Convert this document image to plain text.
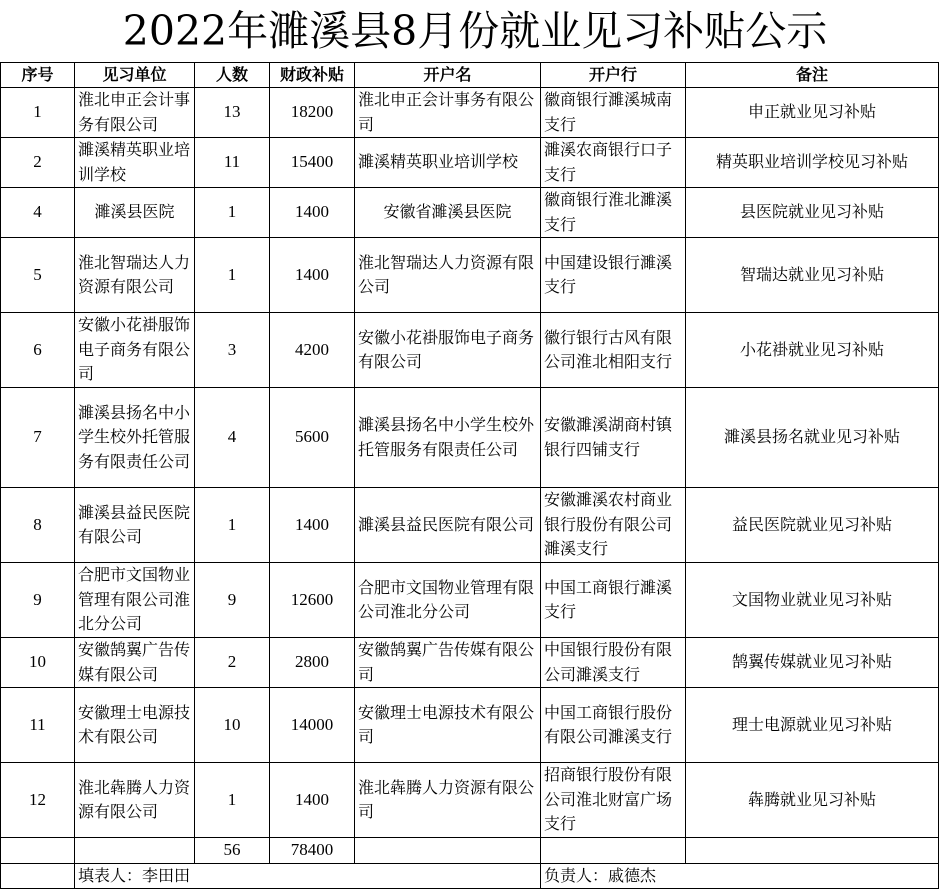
2022年濉溪县8月份就业见习补贴公示
序号	见习单位	人数	财政补贴	开户名	开户行	备注
1	淮北申正会计事务有限公司	13	18200	淮北申正会计事务有限公司	徽商银行濉溪城南支行	申正就业见习补贴
2	濉溪精英职业培训学校	11	15400	濉溪精英职业培训学校	濉溪农商银行口子支行	精英职业培训学校见习补贴
4	濉溪县医院	1	1400	安徽省濉溪县医院	徽商银行淮北濉溪支行	县医院就业见习补贴
5	淮北智瑞达人力资源有限公司	1	1400	淮北智瑞达人力资源有限公司	中国建设银行濉溪支行	智瑞达就业见习补贴
6	安徽小花褂服饰电子商务有限公司	3	4200	安徽小花褂服饰电子商务有限公司	徽行银行古风有限公司淮北相阳支行	小花褂就业见习补贴
7	濉溪县扬名中小学生校外托管服务有限责任公司	4	5600	濉溪县扬名中小学生校外托管服务有限责任公司	安徽濉溪湖商村镇银行四铺支行	濉溪县扬名就业见习补贴
8	濉溪县益民医院有限公司	1	1400	濉溪县益民医院有限公司	安徽濉溪农村商业银行股份有限公司濉溪支行	益民医院就业见习补贴
9	合肥市文国物业管理有限公司淮北分公司	9	12600	合肥市文国物业管理有限公司淮北分公司	中国工商银行濉溪支行	文国物业就业见习补贴
10	安徽鹄翼广告传媒有限公司	2	2800	安徽鹄翼广告传媒有限公司	中国银行股份有限公司濉溪支行	鹄翼传媒就业见习补贴
11	安徽理士电源技术有限公司	10	14000	安徽理士电源技术有限公司	中国工商银行股份有限公司濉溪支行	理士电源就业见习补贴
12	淮北犇腾人力资源有限公司	1	1400	淮北犇腾人力资源有限公司	招商银行股份有限公司淮北财富广场支行	犇腾就业见习补贴
		56	78400			
	填表人：李田田				负责人：戚德杰	
